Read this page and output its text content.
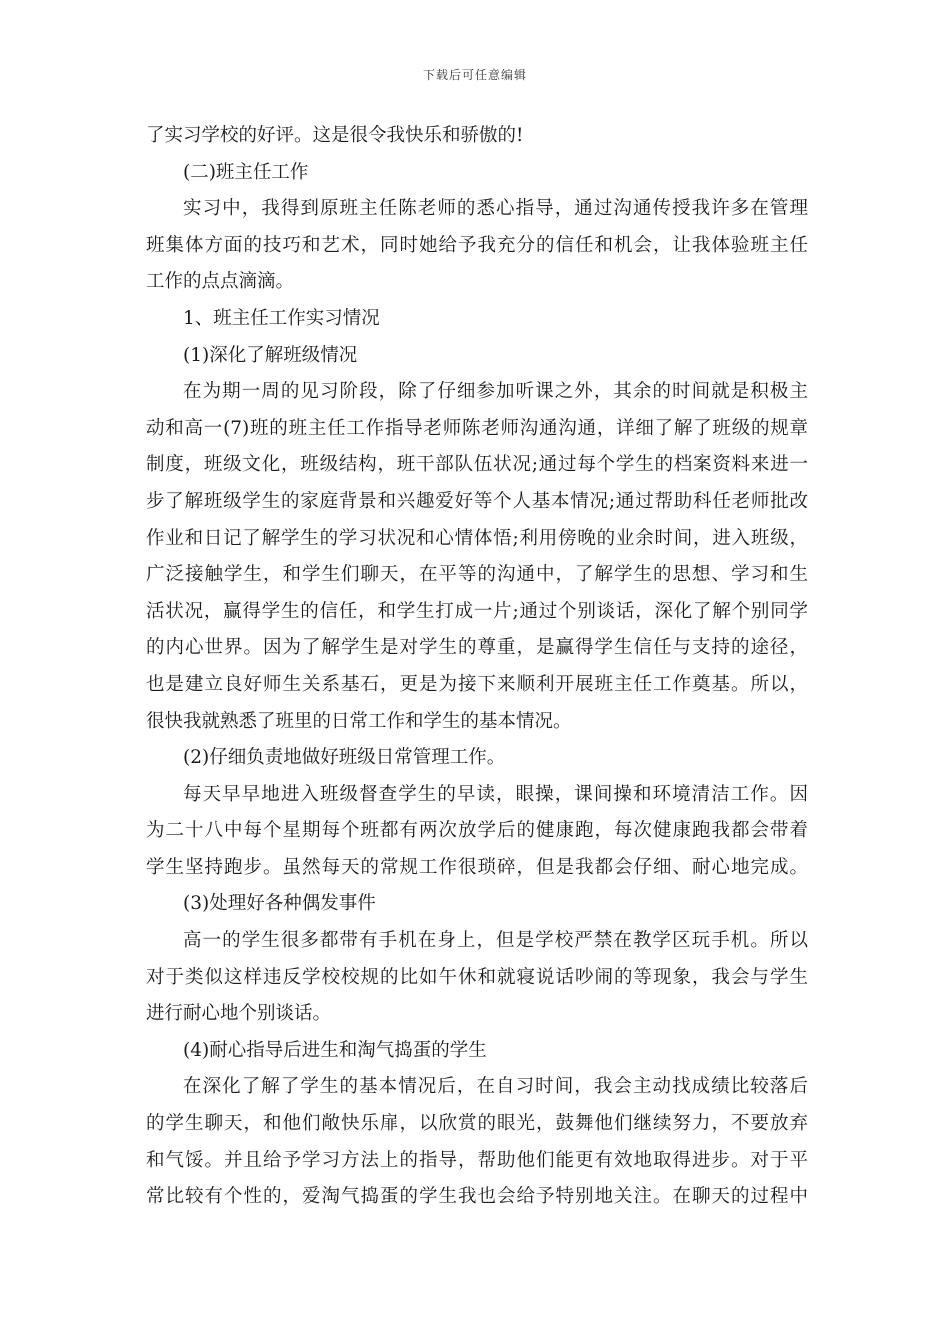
下载后可任意编辑
了实习学校的好评。这是很令我快乐和骄傲的!
(二)班主任工作
实习中，我得到原班主任陈老师的悉心指导，通过沟通传授我许多在管理
班集体方面的技巧和艺术，同时她给予我充分的信任和机会，让我体验班主任
工作的点点滴滴。
1、班主任工作实习情况
(1)深化了解班级情况
在为期一周的见习阶段，除了仔细参加听课之外，其余的时间就是积极主
动和高一(7)班的班主任工作指导老师陈老师沟通沟通，详细了解了班级的规章
制度，班级文化，班级结构，班干部队伍状况;通过每个学生的档案资料来进一
步了解班级学生的家庭背景和兴趣爱好等个人基本情况;通过帮助科任老师批改
作业和日记了解学生的学习状况和心情体悟;利用傍晚的业余时间，进入班级，
广泛接触学生，和学生们聊天，在平等的沟通中，了解学生的思想、学习和生
活状况，赢得学生的信任，和学生打成一片;通过个别谈话，深化了解个别同学
的内心世界。因为了解学生是对学生的尊重，是赢得学生信任与支持的途径，
也是建立良好师生关系基石，更是为接下来顺利开展班主任工作奠基。所以，
很快我就熟悉了班里的日常工作和学生的基本情况。
(2)仔细负责地做好班级日常管理工作。
每天早早地进入班级督查学生的早读，眼操，课间操和环境清洁工作。因
为二十八中每个星期每个班都有两次放学后的健康跑，每次健康跑我都会带着
学生坚持跑步。虽然每天的常规工作很琐碎，但是我都会仔细、耐心地完成。
(3)处理好各种偶发事件
高一的学生很多都带有手机在身上，但是学校严禁在教学区玩手机。所以
对于类似这样违反学校校规的比如午休和就寝说话吵闹的等现象，我会与学生
进行耐心地个别谈话。
(4)耐心指导后进生和淘气捣蛋的学生
在深化了解了学生的基本情况后，在自习时间，我会主动找成绩比较落后
的学生聊天，和他们敞快乐扉，以欣赏的眼光，鼓舞他们继续努力，不要放弃
和气馁。并且给予学习方法上的指导，帮助他们能更有效地取得进步。对于平
常比较有个性的，爱淘气捣蛋的学生我也会给予特别地关注。在聊天的过程中
